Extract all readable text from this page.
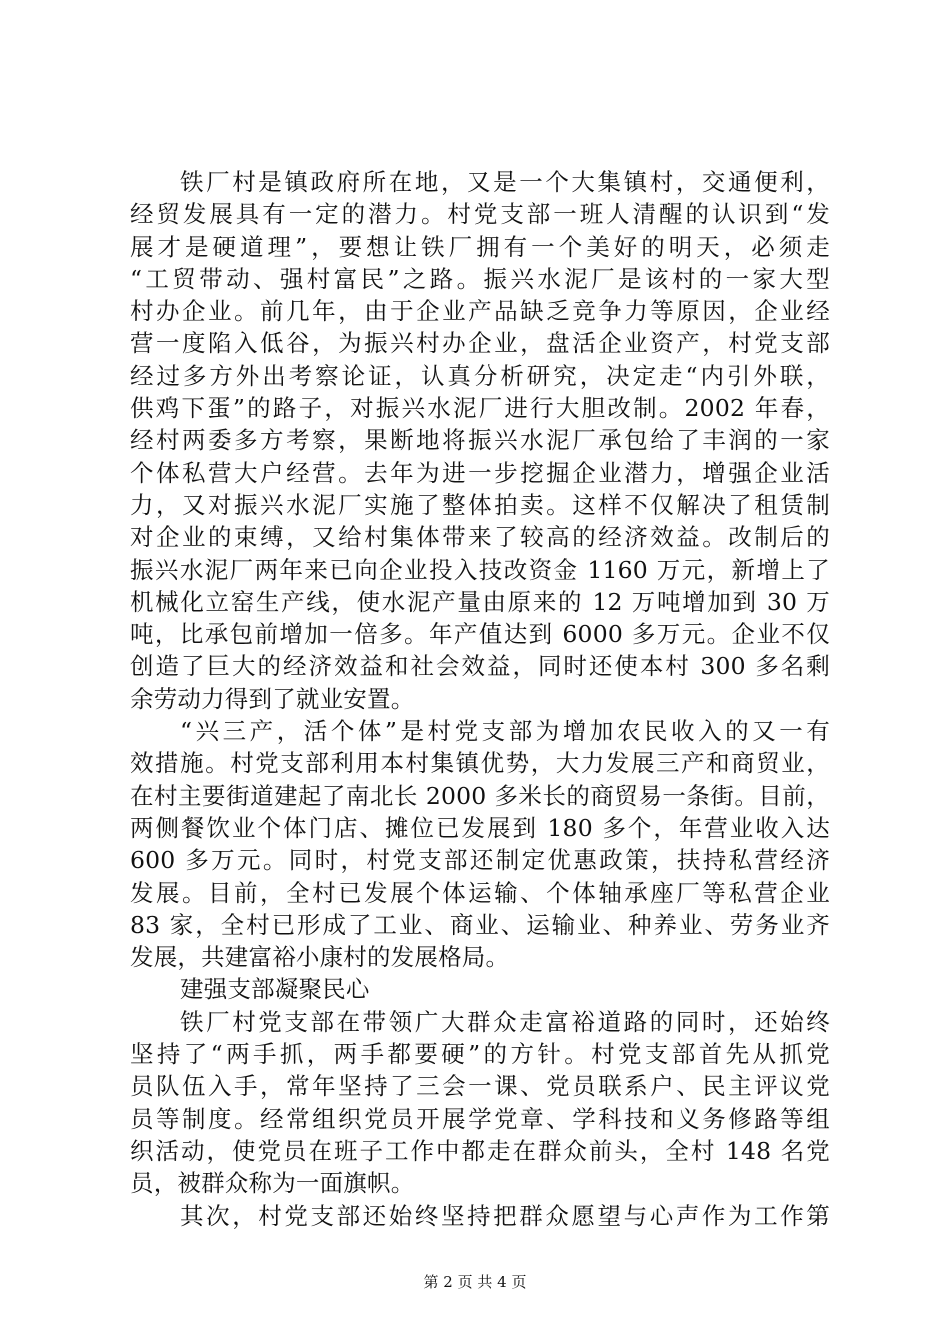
铁厂村是镇政府所在地，又是一个大集镇村，交通便利，
经贸发展具有一定的潜力。村党支部一班人清醒的认识到“发
展才是硬道理”，要想让铁厂拥有一个美好的明天，必须走
“工贸带动、强村富民”之路。振兴水泥厂是该村的一家大型
村办企业。前几年，由于企业产品缺乏竞争力等原因，企业经
营一度陷入低谷，为振兴村办企业，盘活企业资产，村党支部
经过多方外出考察论证，认真分析研究，决定走“内引外联，
供鸡下蛋”的路子，对振兴水泥厂进行大胆改制。2002 年春，
经村两委多方考察，果断地将振兴水泥厂承包给了丰润的一家
个体私营大户经营。去年为进一步挖掘企业潜力，增强企业活
力，又对振兴水泥厂实施了整体拍卖。这样不仅解决了租赁制
对企业的束缚，又给村集体带来了较高的经济效益。改制后的
振兴水泥厂两年来已向企业投入技改资金 1160 万元，新增上了
机械化立窑生产线，使水泥产量由原来的 12 万吨增加到 30 万
吨，比承包前增加一倍多。年产值达到 6000 多万元。企业不仅
创造了巨大的经济效益和社会效益，同时还使本村 300 多名剩
余劳动力得到了就业安置。
“兴三产，活个体”是村党支部为增加农民收入的又一有
效措施。村党支部利用本村集镇优势，大力发展三产和商贸业，
在村主要街道建起了南北长 2000 多米长的商贸易一条街。目前，
两侧餐饮业个体门店、摊位已发展到 180 多个，年营业收入达
600 多万元。同时，村党支部还制定优惠政策，扶持私营经济
发展。目前，全村已发展个体运输、个体轴承座厂等私营企业
83 家，全村已形成了工业、商业、运输业、种养业、劳务业齐
发展，共建富裕小康村的发展格局。
建强支部凝聚民心
铁厂村党支部在带领广大群众走富裕道路的同时，还始终
坚持了“两手抓，两手都要硬”的方针。村党支部首先从抓党
员队伍入手，常年坚持了三会一课、党员联系户、民主评议党
员等制度。经常组织党员开展学党章、学科技和义务修路等组
织活动，使党员在班子工作中都走在群众前头，全村 148 名党
员，被群众称为一面旗帜。
其次，村党支部还始终坚持把群众愿望与心声作为工作第
第 2 页 共 4 页
